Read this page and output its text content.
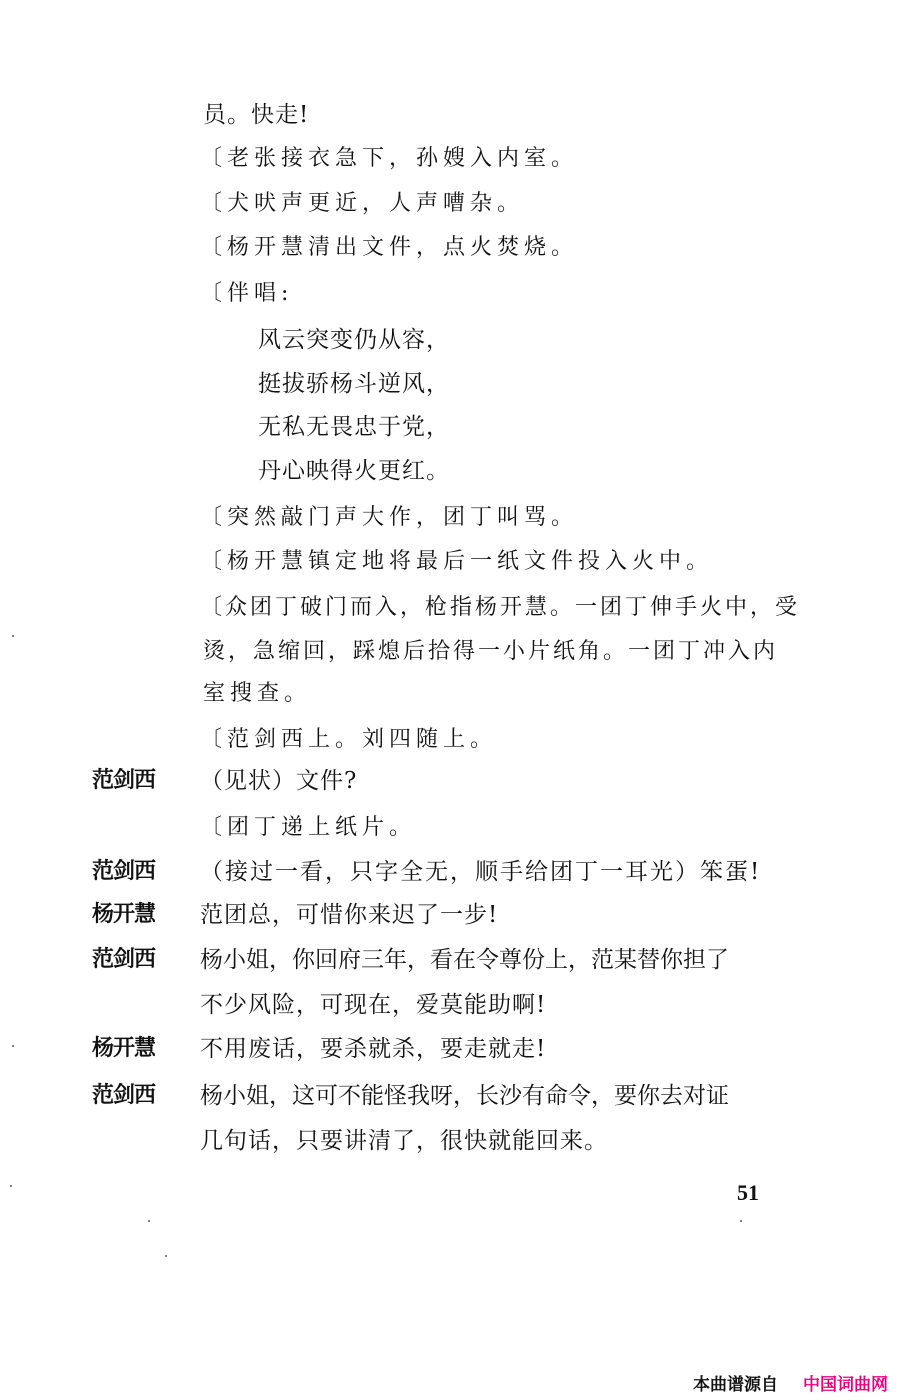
员。快走!
〔老张接衣急下，孙嫂入内室。
〔犬吠声更近，人声嘈杂。
〔杨开慧清出文件，点火焚烧。
〔伴唱:
风云突变仍从容，
挺拔骄杨斗逆风，
无私无畏忠于党，
丹心映得火更红。
〔突然敲门声大作，团丁叫骂。
〔杨开慧镇定地将最后一纸文件投入火中。
〔众团丁破门而入，枪指杨开慧。一团丁伸手火中，受
烫，急缩回，踩熄后拾得一小片纸角。一团丁冲入内
室搜查。
〔范剑西上。刘四随上。
范剑西 （见状）文件?
〔团丁递上纸片。
范剑西 （接过一看，只字全无，顺手给团丁一耳光）笨蛋!
杨开慧 范团总，可惜你来迟了一步!
范剑西 杨小姐，你回府三年，看在令尊份上，范某替你担了
不少风险，可现在，爱莫能助啊!
杨开慧 不用废话，要杀就杀，要走就走!
范剑西 杨小姐，这可不能怪我呀，长沙有命令，要你去对证
几句话，只要讲清了，很快就能回来。
51
本曲谱源自 中国词曲网
